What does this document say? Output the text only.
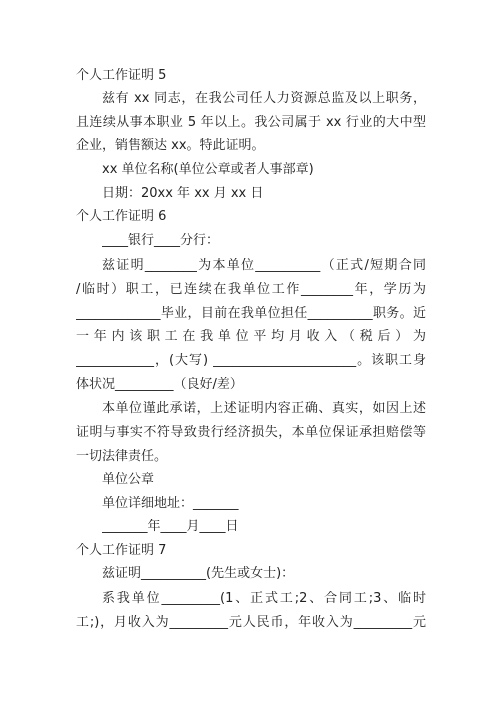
个人工作证明 5
兹有 xx 同志，在我公司任人力资源总监及以上职务，
且连续从事本职业 5 年以上。我公司属于 xx 行业的大中型
企业，销售额达 xx。特此证明。
xx 单位名称(单位公章或者人事部章)
日期：20xx 年 xx 月 xx 日
个人工作证明 6
____银行____分行：
兹证明________为本单位__________（正式/短期合同
/临时）职工，已连续在我单位工作________年，学历为
_____________毕业，目前在我单位担任__________职务。近
一年内该职工在我单位平均月收入（税后）为
____________，(大写) ______________________。该职工身
体状况_________（良好/差）
本单位谨此承诺，上述证明内容正确、真实，如因上述
证明与事实不符导致贵行经济损失，本单位保证承担赔偿等
一切法律责任。
单位公章
单位详细地址：_______
_______年____月____日
个人工作证明 7
兹证明__________(先生或女士)：
系我单位_________(1、正式工;2、合同工;3、临时
工;)，月收入为_________元人民币，年收入为_________元
